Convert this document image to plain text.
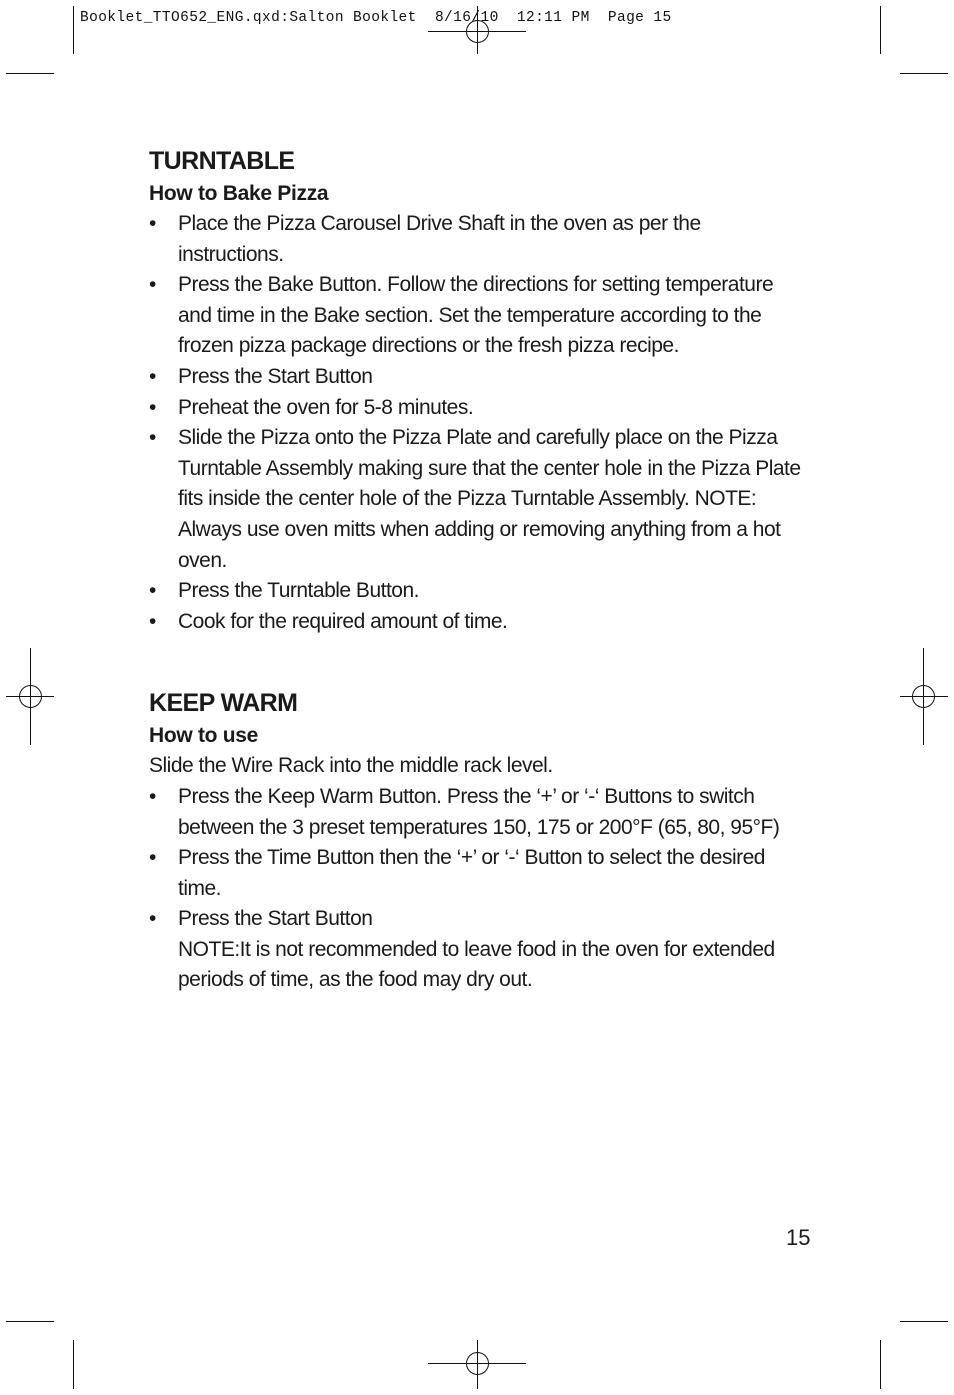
Booklet_TTO652_ENG.qxd:Salton Booklet  8/16/10  12:11 PM  Page 15
TURNTABLE
How to Bake Pizza
• Place the Pizza Carousel Drive Shaft in the oven as per the instructions.
• Press the Bake Button. Follow the directions for setting temperature and time in the Bake section. Set the temperature according to the frozen pizza package directions or the fresh pizza recipe.
• Press the Start Button
• Preheat the oven for 5-8 minutes.
• Slide the Pizza onto the Pizza Plate and carefully place on the Pizza Turntable Assembly making sure that the center hole in the Pizza Plate fits inside the center hole of the Pizza Turntable Assembly. NOTE: Always use oven mitts when adding or removing anything from a hot oven.
• Press the Turntable Button.
• Cook for the required amount of time.
KEEP WARM
How to use

Slide the Wire Rack into the middle rack level.

• Press the Keep Warm Button. Press the ‘+’ or ‘-‘ Buttons to switch between the 3 preset temperatures 150, 175 or 200°F (65, 80, 95°F)
• Press the Time Button then the ‘+’ or ‘-‘ Button to select the desired time.
• Press the Start Button
NOTE:It is not recommended to leave food in the oven for extended periods of time, as the food may dry out.
15
